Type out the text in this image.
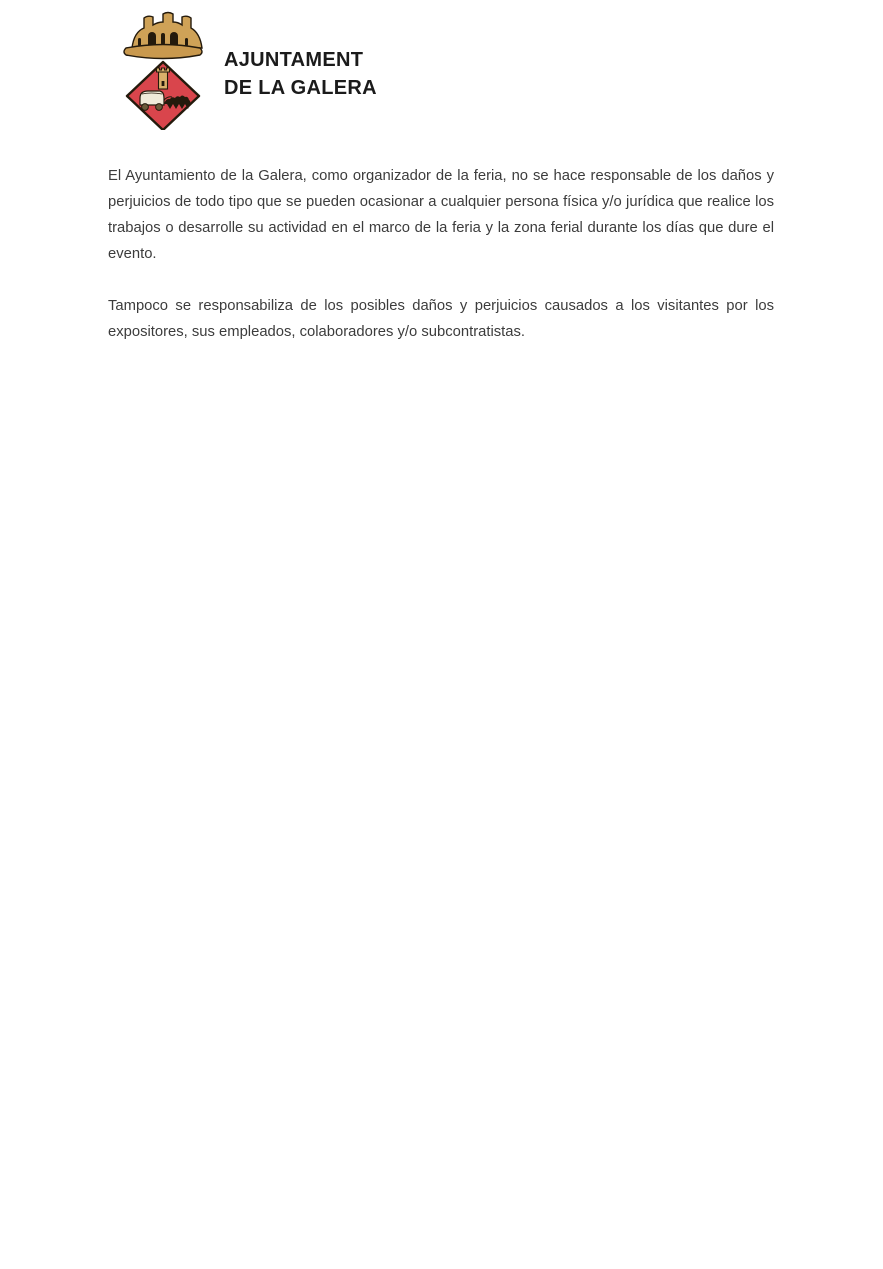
AJUNTAMENT
DE LA GALERA

El Ayuntamiento de la Galera, como organizador de la feria, no se hace responsable de los daños y perjuicios de todo tipo que se pueden ocasionar a cualquier persona física y/o jurídica que realice los trabajos o desarrolle su actividad en el marco de la feria y la zona ferial durante los días que dure el evento.

Tampoco se responsabiliza de los posibles daños y perjuicios causados a los visitantes por los expositores, sus empleados, colaboradores y/o subcontratistas.
